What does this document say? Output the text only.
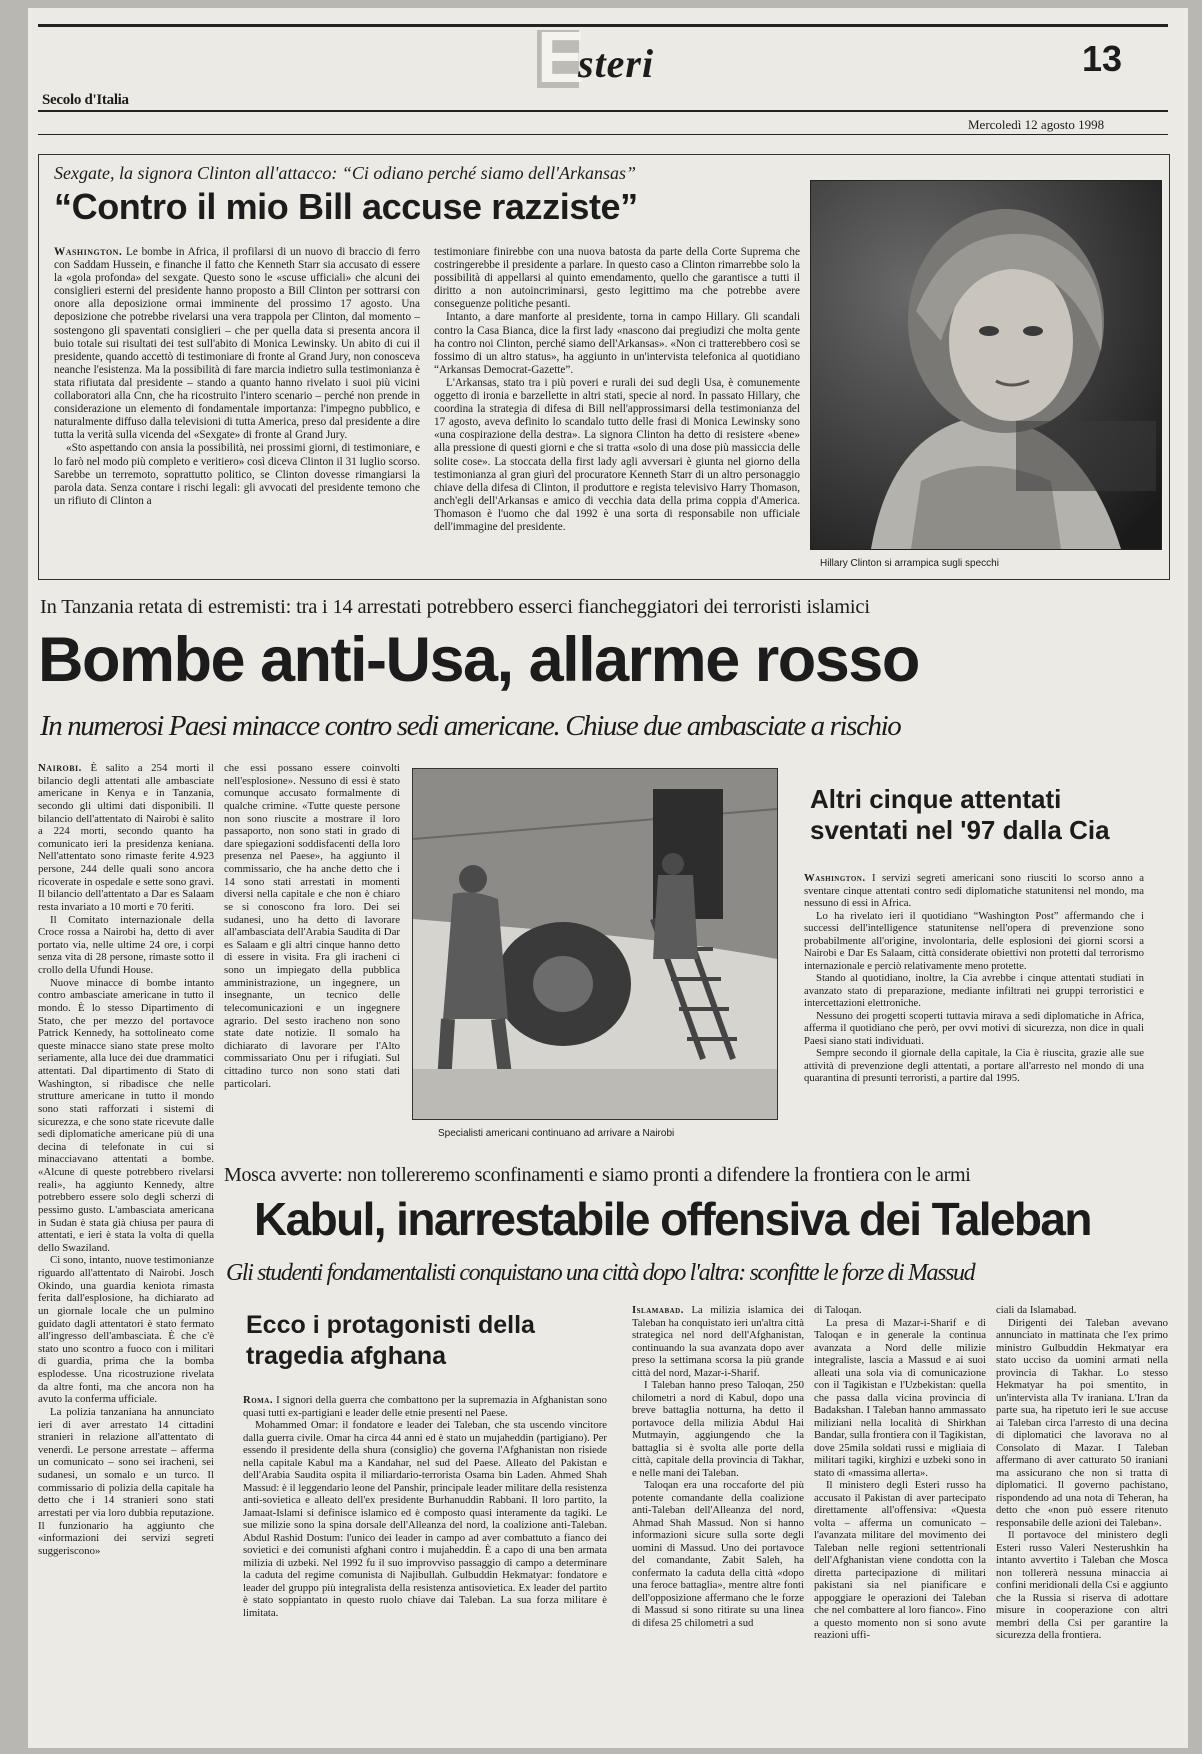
E
steri	13
Secolo d'Italia
Mercoledì 12 agosto 1998
Sexgate, la signora Clinton all'attacco: “Ci odiano perché siamo dell'Arkansas”
“Contro il mio Bill accuse razziste”

Washington. Le bombe in Africa, il profilarsi di un nuovo di braccio di ferro con Saddam Hussein, e finanche il fatto che Kenneth Starr sia accusato di essere la «gola profonda» del sexgate. Questo sono le «scuse ufficiali» che alcuni dei consiglieri esterni del presidente hanno proposto a Bill Clinton per sottrarsi con onore alla deposizione ormai imminente del prossimo 17 agosto. Una deposizione che potrebbe rivelarsi una vera trappola per Clinton, dal momento – sostengono gli spaventati consiglieri – che per quella data si presenta ancora il buio totale sui risultati dei test sull'abito di Monica Lewinsky. Un abito di cui il presidente, quando accettò di testimoniare di fronte al Grand Jury, non conosceva neanche l'esistenza. Ma la possibilità di fare marcia indietro sulla testimonianza è stata rifiutata dal presidente – stando a quanto hanno rivelato i suoi più vicini collaboratori alla Cnn, che ha ricostruito l'intero scenario – perché non prende in considerazione un elemento di fondamentale importanza: l'impegno pubblico, e naturalmente diffuso dalla televisioni di tutta America, preso dal presidente a dire tutta la verità sulla vicenda del «Sexgate» di fronte al Grand Jury.

«Sto aspettando con ansia la possibilità, nei prossimi giorni, di testimoniare, e lo farò nel modo più completo e veritiero» così diceva Clinton il 31 luglio scorso. Sarebbe un terremoto, soprattutto politico, se Clinton dovesse rimangiarsi la parola data. Senza contare i rischi legali: gli avvocati del presidente temono che un rifiuto di Clinton a

testimoniare finirebbe con una nuova batosta da parte della Corte Suprema che costringerebbe il presidente a parlare. In questo caso a Clinton rimarrebbe solo la possibilità di appellarsi al quinto emendamento, quello che garantisce a tutti il diritto a non autoincriminarsi, gesto legittimo ma che potrebbe avere conseguenze politiche pesanti.

Intanto, a dare manforte al presidente, torna in campo Hillary. Gli scandali contro la Casa Bianca, dice la first lady «nascono dai pregiudizi che molta gente ha contro noi Clinton, perché siamo dell'Arkansas». «Non ci tratterebbero così se fossimo di un altro status», ha aggiunto in un'intervista telefonica al quotidiano “Arkansas Democrat-Gazette”.

L'Arkansas, stato tra i più poveri e rurali dei sud degli Usa, è comunemente oggetto di ironia e barzellette in altri stati, specie al nord. In passato Hillary, che coordina la strategia di difesa di Bill nell'approssimarsi della testimonianza del 17 agosto, aveva definito lo scandalo tutto delle frasi di Monica Lewinsky sono «una cospirazione della destra». La signora Clinton ha detto di resistere «bene» alla pressione di questi giorni e che si tratta «solo di una dose più massiccia delle solite cose». La stoccata della first lady agli avversari è giunta nel giorno della testimonianza al gran giurì del procuratore Kenneth Starr di un altro personaggio chiave della difesa di Clinton, il produttore e regista televisivo Harry Thomason, anch'egli dell'Arkansas e amico di vecchia data della prima coppia d'America. Thomason è l'uomo che dal 1992 è una sorta di responsabile non ufficiale dell'immagine del presidente.

Hillary Clinton si arrampica sugli specchi
In Tanzania retata di estremisti: tra i 14 arrestati potrebbero esserci fiancheggiatori dei terroristi islamici
Bombe anti-Usa, allarme rosso
In numerosi Paesi minacce contro sedi americane. Chiuse due ambasciate a rischio

Nairobi. È salito a 254 morti il bilancio degli attentati alle ambasciate americane in Kenya e in Tanzania, secondo gli ultimi dati disponibili. Il bilancio dell'attentato di Nairobi è salito a 224 morti, secondo quanto ha comunicato ieri la presidenza keniana. Nell'attentato sono rimaste ferite 4.923 persone, 244 delle quali sono ancora ricoverate in ospedale e sette sono gravi. Il bilancio dell'attentato a Dar es Salaam resta invariato a 10 morti e 70 feriti.

Il Comitato internazionale della Croce rossa a Nairobi ha, detto di aver portato via, nelle ultime 24 ore, i corpi senza vita di 28 persone, rimaste sotto il crollo della Ufundi House.

Nuove minacce di bombe intanto contro ambasciate americane in tutto il mondo. È lo stesso Dipartimento di Stato, che per mezzo del portavoce Patrick Kennedy, ha sottolineato come queste minacce siano state prese molto seriamente, alla luce dei due drammatici attentati. Dal dipartimento di Stato di Washington, si ribadisce che nelle strutture americane in tutto il mondo sono stati rafforzati i sistemi di sicurezza, e che sono state ricevute dalle sedi diplomatiche americane più di una decina di telefonate in cui si minacciavano attentati a bombe. «Alcune di queste potrebbero rivelarsi reali», ha aggiunto Kennedy, altre potrebbero essere solo degli scherzi di pessimo gusto. L'ambasciata americana in Sudan è stata già chiusa per paura di attentati, e ieri è stata la volta di quella dello Swaziland.

Ci sono, intanto, nuove testimonianze riguardo all'attentato di Nairobi. Josch Okindo, una guardia keniota rimasta ferita dall'esplosione, ha dichiarato ad un giornale locale che un pulmino guidato dagli attentatori è stato fermato all'ingresso dell'ambasciata. È che c'è stato uno scontro a fuoco con i militari di guardia, prima che la bomba esplodesse. Una ricostruzione rivelata da altre fonti, ma che ancora non ha avuto la conferma ufficiale.

La polizia tanzaniana ha annunciato ieri di aver arrestato 14 cittadini stranieri in relazione all'attentato di venerdì. Le persone arrestate – afferma un comunicato – sono sei iracheni, sei sudanesi, un somalo e un turco. Il commissario di polizia della capitale ha detto che i 14 stranieri sono stati arrestati per via loro dubbia reputazione. Il funzionario ha aggiunto che «informazioni dei servizi segreti suggeriscono»

che essi possano essere coinvolti nell'esplosione». Nessuno di essi è stato comunque accusato formalmente di qualche crimine. «Tutte queste persone non sono riuscite a mostrare il loro passaporto, non sono stati in grado di dare spiegazioni soddisfacenti della loro presenza nel Paese», ha aggiunto il commissario, che ha anche detto che i 14 sono stati arrestati in momenti diversi nella capitale e che non è chiaro se si conoscono fra loro. Dei sei sudanesi, uno ha detto di lavorare all'ambasciata dell'Arabia Saudita di Dar es Salaam e gli altri cinque hanno detto di essere in visita. Fra gli iracheni ci sono un impiegato della pubblica amministrazione, un ingegnere, un insegnante, un tecnico delle telecomunicazioni e un ingegnere agrario. Del sesto iracheno non sono state date notizie. Il somalo ha dichiarato di lavorare per l'Alto commissariato Onu per i rifugiati. Sul cittadino turco non sono stati dati particolari.

Specialisti americani continuano ad arrivare a Nairobi
Altri cinque attentati sventati nel '97 dalla Cia

Washington. I servizi segreti americani sono riusciti lo scorso anno a sventare cinque attentati contro sedi diplomatiche statunitensi nel mondo, ma nessuno di essi in Africa.

Lo ha rivelato ieri il quotidiano “Washington Post” affermando che i successi dell'intelligence statunitense nell'opera di prevenzione sono probabilmente all'origine, involontaria, delle esplosioni dei giorni scorsi a Nairobi e Dar Es Salaam, città considerate obiettivi non protetti dal terrorismo internazionale e perciò relativamente meno protette.

Stando al quotidiano, inoltre, la Cia avrebbe i cinque attentati studiati in avanzato stato di preparazione, mediante infiltrati nei gruppi terroristici e intercettazioni elettroniche.

Nessuno dei progetti scoperti tuttavia mirava a sedi diplomatiche in Africa, afferma il quotidiano che però, per ovvi motivi di sicurezza, non dice in quali Paesi siano stati individuati.

Sempre secondo il giornale della capitale, la Cia è riuscita, grazie alle sue attività di prevenzione degli attentati, a portare all'arresto nel mondo di una quarantina di presunti terroristi, a partire dal 1995.

Mosca avverte: non tollereremo sconfinamenti e siamo pronti a difendere la frontiera con le armi
Kabul, inarrestabile offensiva dei Taleban
Gli studenti fondamentalisti conquistano una città dopo l'altra: sconfitte le forze di Massud
Ecco i protagonisti della tragedia afghana

Roma. I signori della guerra che combattono per la supremazia in Afghanistan sono quasi tutti ex-partigiani e leader delle etnie presenti nel Paese.

Mohammed Omar: il fondatore e leader dei Taleban, che sta uscendo vincitore dalla guerra civile. Omar ha circa 44 anni ed è stato un mujaheddin (partigiano). Per essendo il presidente della shura (consiglio) che governa l'Afghanistan non risiede nella capitale Kabul ma a Kandahar, nel sud del Paese. Alleato del Pakistan e dell'Arabia Saudita ospita il miliardario-terrorista Osama bin Laden. Ahmed Shah Massud: è il leggendario leone del Panshir, principale leader militare della resistenza anti-sovietica e alleato dell'ex presidente Burhanuddin Rabbani. Il loro partito, la Jamaat-Islami si definisce islamico ed è composto quasi interamente da tagiki. Le sue milizie sono la spina dorsale dell'Alleanza del nord, la coalizione anti-Taleban. Abdul Rashid Dostum: l'unico dei leader in campo ad aver combattuto a fianco dei sovietici e dei comunisti afghani contro i mujaheddin. È a capo di una ben armata milizia di uzbeki. Nel 1992 fu il suo improvviso passaggio di campo a determinare la caduta del regime comunista di Najibullah. Gulbuddin Hekmatyar: fondatore e leader del gruppo più integralista della resistenza antisovietica. Ex leader del partito è stato soppiantato in questo ruolo chiave dai Taleban. La sua forza militare è limitata.

Islamabad. La milizia islamica dei Taleban ha conquistato ieri un'altra città strategica nel nord dell'Afghanistan, continuando la sua avanzata dopo aver preso la settimana scorsa la più grande città del nord, Mazar-i-Sharif.

I Taleban hanno preso Taloqan, 250 chilometri a nord di Kabul, dopo una breve battaglia notturna, ha detto il portavoce della milizia Abdul Hai Mutmayin, aggiungendo che la battaglia si è svolta alle porte della città, capitale della provincia di Takhar, e nelle mani dei Taleban.

Taloqan era una roccaforte del più potente comandante della coalizione anti-Taleban dell'Alleanza del nord, Ahmad Shah Massud. Non si hanno informazioni sicure sulla sorte degli uomini di Massud. Uno dei portavoce del comandante, Zabit Saleh, ha confermato la caduta della città «dopo una feroce battaglia», mentre altre fonti dell'opposizione affermano che le forze di Massud si sono ritirate su una linea di difesa 25 chilometri a sud

di Taloqan.

La presa di Mazar-i-Sharif e di Taloqan e in generale la continua avanzata a Nord delle milizie integraliste, lascia a Massud e ai suoi alleati una sola via di comunicazione con il Tagikistan e l'Uzbekistan: quella che passa dalla vicina provincia di Badakshan. I Taleban hanno ammassato miliziani nella località di Shirkhan Bandar, sulla frontiera con il Tagikistan, dove 25mila soldati russi e migliaia di militari tagiki, kirghizi e uzbeki sono in stato di «massima allerta».

Il ministero degli Esteri russo ha accusato il Pakistan di aver partecipato direttamente all'offensiva: «Questa volta – afferma un comunicato – l'avanzata militare del movimento dei Taleban nelle regioni settentrionali dell'Afghanistan viene condotta con la diretta partecipazione di militari pakistani sia nel pianificare e appoggiare le operazioni dei Taleban che nel combattere al loro fianco». Fino a questo momento non si sono avute reazioni uffi-

ciali da Islamabad.

Dirigenti dei Taleban avevano annunciato in mattinata che l'ex primo ministro Gulbuddin Hekmatyar era stato ucciso da uomini armati nella provincia di Takhar. Lo stesso Hekmatyar ha poi smentito, in un'intervista alla Tv iraniana. L'Iran da parte sua, ha ripetuto ieri le sue accuse ai Taleban circa l'arresto di una decina di diplomatici che lavorava no al Consolato di Mazar. I Taleban affermano di aver catturato 50 iraniani ma assicurano che non si tratta di diplomatici. Il governo pachistano, rispondendo ad una nota di Teheran, ha detto che «non può essere ritenuto responsabile delle azioni dei Taleban».

Il portavoce del ministero degli Esteri russo Valeri Nesterushkin ha intanto avvertito i Taleban che Mosca non tollererà nessuna minaccia ai confini meridionali della Csi e aggiunto che la Russia si riserva di adottare misure in cooperazione con altri membri della Csi per garantire la sicurezza della frontiera.
